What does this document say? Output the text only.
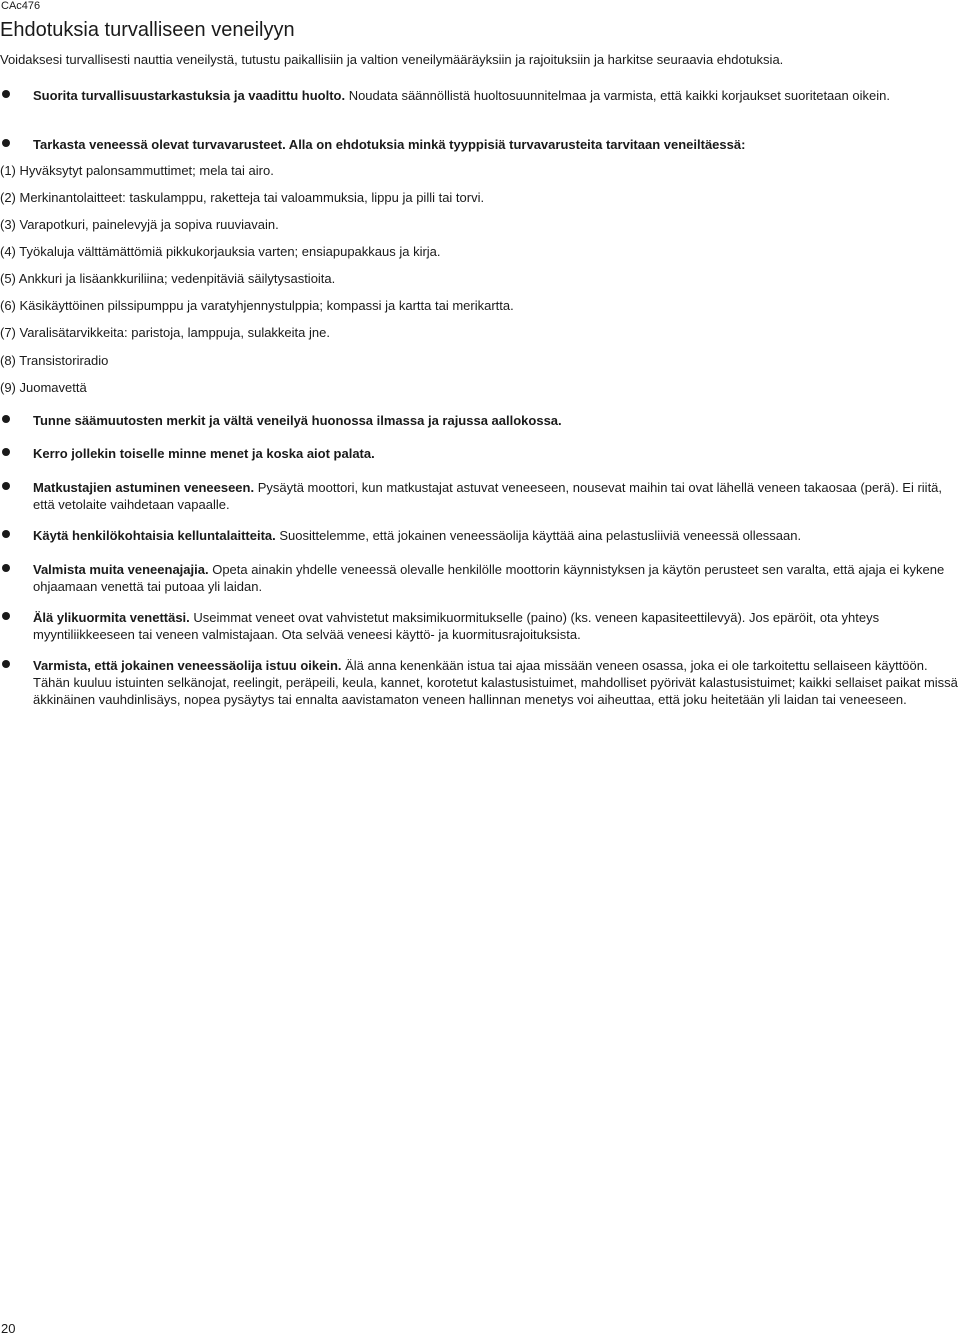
CAc476
Ehdotuksia turvalliseen veneilyyn

Voidaksesi turvallisesti nauttia veneilystä, tutustu paikallisiin ja valtion veneilymääräyksiin ja rajoituksiin ja harkitse seuraavia ehdotuksia.

Suorita turvallisuustarkastuksia ja vaadittu huolto. Noudata säännöllistä huoltosuunnitelmaa ja varmista, että kaikki korjaukset suoritetaan oikein.
Tarkasta veneessä olevat turvavarusteet. Alla on ehdotuksia minkä tyyppisiä turvavarusteita tarvitaan veneiltäessä:

(1) Hyväksytyt palonsammuttimet; mela tai airo.

(2) Merkinantolaitteet: taskulamppu, raketteja tai valoammuksia, lippu ja pilli tai torvi.

(3) Varapotkuri, painelevyjä ja sopiva ruuviavain.

(4) Työkaluja välttämättömiä pikkukorjauksia varten; ensiapupakkaus ja kirja.

(5) Ankkuri ja lisäankkuriliina; vedenpitäviä säilytysastioita.

(6) Käsikäyttöinen pilssipumppu ja varatyhjennystulppia; kompassi ja kartta tai merikartta.

(7) Varalisätarvikkeita: paristoja, lamppuja, sulakkeita jne.

(8) Transistoriradio

(9) Juomavettä

Tunne säämuutosten merkit ja vältä veneilyä huonossa ilmassa ja rajussa aallokossa.
Kerro jollekin toiselle minne menet ja koska aiot palata.
Matkustajien astuminen veneeseen. Pysäytä moottori, kun matkustajat astuvat veneeseen, nousevat maihin tai ovat lähellä veneen takaosaa (perä). Ei riitä, että vetolaite vaihdetaan vapaalle.
Käytä henkilökohtaisia kelluntalaitteita. Suosittelemme, että jokainen veneessäolija käyttää aina pelastusliiviä veneessä ollessaan.
Valmista muita veneenajajia. Opeta ainakin yhdelle veneessä olevalle henkilölle moottorin käynnistyksen ja käytön perusteet sen varalta, että ajaja ei kykene ohjaamaan venettä tai putoaa yli laidan.
Älä ylikuormita venettäsi. Useimmat veneet ovat vahvistetut maksimikuormitukselle (paino) (ks. veneen kapasiteettilevyä). Jos epäröit, ota yhteys myyntiliikkeeseen tai veneen valmistajaan. Ota selvää veneesi käyttö- ja kuormitusrajoituksista.
Varmista, että jokainen veneessäolija istuu oikein. Älä anna kenenkään istua tai ajaa missään veneen osassa, joka ei ole tarkoitettu sellaiseen käyttöön. Tähän kuuluu istuinten selkänojat, reelingit, peräpeili, keula, kannet, korotetut kalastusistuimet, mahdolliset pyörivät kalastusistuimet; kaikki sellaiset paikat missä äkkinäinen vauhdinlisäys, nopea pysäytys tai ennalta aavistamaton veneen hallinnan menetys voi aiheuttaa, että joku heitetään yli laidan tai veneeseen.
20
